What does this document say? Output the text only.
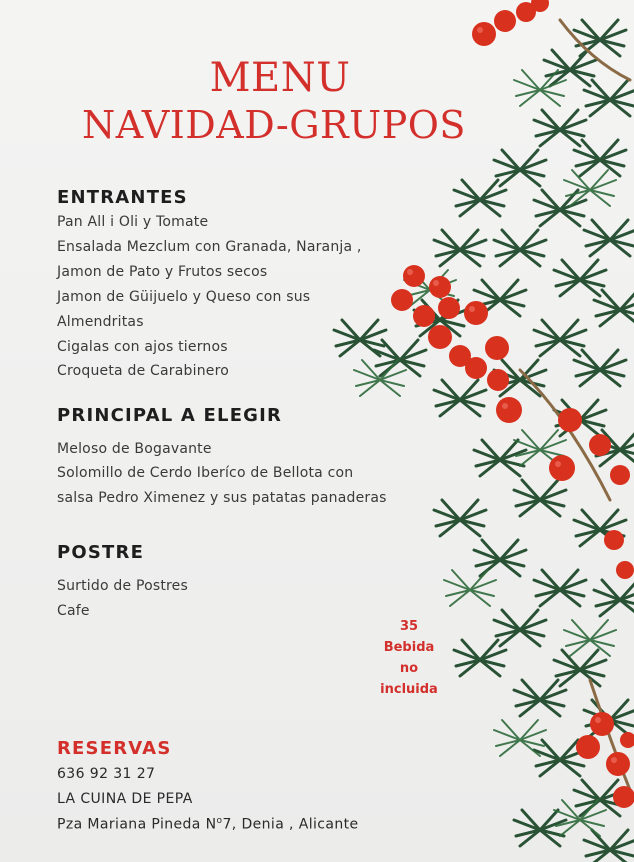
MENU
NAVIDAD-GRUPOS
ENTRANTES
Pan All i Oli y Tomate
Ensalada Mezclum con Granada, Naranja ,
Jamon de Pato y Frutos secos
Jamon de Güijuelo y Queso con sus
Almendritas
Cigalas con ajos tiernos
Croqueta de Carabinero
PRINCIPAL A ELEGIR
Meloso de Bogavante
Solomillo de Cerdo Iberíco de Bellota con
salsa Pedro Ximenez y sus patatas panaderas
POSTRE
Surtido de Postres
Cafe
35
Bebida
no
incluida
RESERVAS
636 92 31 27
LA CUINA DE PEPA
Pza Mariana Pineda $N^o7$, Denia , Alicante
